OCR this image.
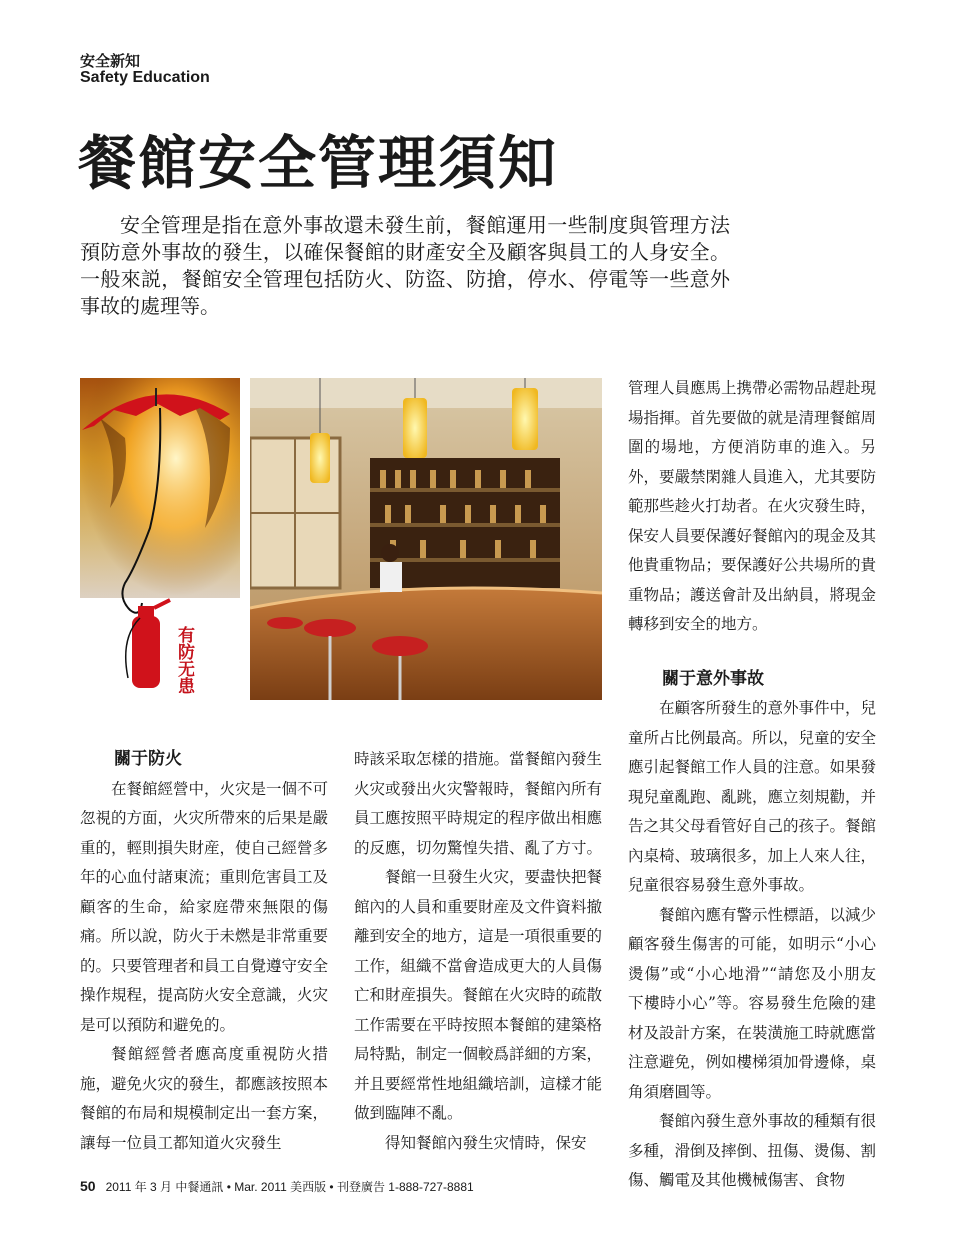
安全新知
Safety Education
餐館安全管理須知

安全管理是指在意外事故還未發生前，餐館運用一些制度與管理方法預防意外事故的發生，以確保餐館的財產安全及顧客與員工的人身安全。一般來説，餐館安全管理包括防火、防盜、防搶，停水、停電等一些意外事故的處理等。

有防无患
關于防火

在餐館經營中，火灾是一個不可忽視的方面，火灾所帶來的后果是嚴重的，輕則損失財産，使自己經營多年的心血付諸東流；重則危害員工及顧客的生命，給家庭帶來無限的傷痛。所以說，防火于未燃是非常重要的。只要管理者和員工自覺遵守安全操作規程，提高防火安全意識，火灾是可以預防和避免的。

餐館經營者應高度重視防火措施，避免火灾的發生，都應該按照本餐館的布局和規模制定出一套方案，讓每一位員工都知道火灾發生

時該采取怎樣的措施。當餐館內發生火灾或發出火灾警報時，餐館內所有員工應按照平時規定的程序做出相應的反應，切勿驚惶失措、亂了方寸。

餐館一旦發生火灾，要盡快把餐館內的人員和重要財産及文件資料撤離到安全的地方，這是一項很重要的工作，組織不當會造成更大的人員傷亡和財産損失。餐館在火灾時的疏散工作需要在平時按照本餐館的建築格局特點，制定一個較爲詳細的方案，并且要經常性地組織培訓，這樣才能做到臨陣不亂。

得知餐館內發生灾情時，保安

管理人員應馬上携帶必需物品趕赴現場指揮。首先要做的就是清理餐館周圍的場地，方便消防車的進入。另外，要嚴禁閑雜人員進入，尤其要防範那些趁火打劫者。在火灾發生時，保安人員要保護好餐館內的現金及其他貴重物品；要保護好公共場所的貴重物品；護送會計及出納員，將現金轉移到安全的地方。

關于意外事故

在顧客所發生的意外事件中，兒童所占比例最高。所以，兒童的安全應引起餐館工作人員的注意。如果發現兒童亂跑、亂跳，應立刻規勸，并告之其父母看管好自己的孩子。餐館內桌椅、玻璃很多，加上人來人往，兒童很容易發生意外事故。

餐館內應有警示性標語，以減少顧客發生傷害的可能，如明示“小心燙傷”或“小心地滑”“請您及小朋友下樓時小心”等。容易發生危險的建材及設計方案，在裝潢施工時就應當注意避免，例如樓梯須加骨邊條，桌角須磨圓等。

餐館內發生意外事故的種類有很多種，滑倒及摔倒、扭傷、燙傷、割傷、觸電及其他機械傷害、食物

50 2011 年 3 月 中餐通訊 • Mar. 2011 美西版 • 刊登廣告 1-888-727-8881
